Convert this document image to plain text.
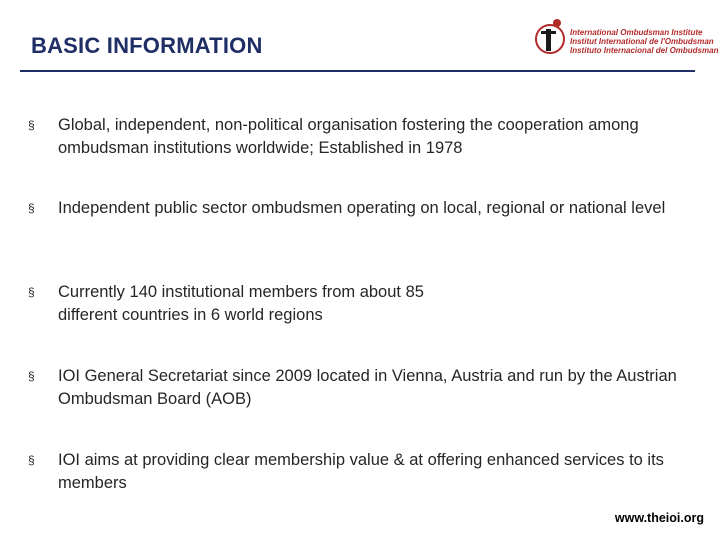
BASIC INFORMATION
International Ombudsman Institute
Institut International de l'Ombudsman
Instituto Internacional del Ombudsman
§	Global, independent, non-political organisation fostering the cooperation among ombudsman institutions worldwide; Established in 1978
§	Independent public sector ombudsmen operating on local, regional or national level
§	Currently 140 institutional members from about 85 different countries in 6 world regions
§	IOI General Secretariat since 2009 located in Vienna, Austria and run by the Austrian Ombudsman Board (AOB)
§	IOI aims at providing clear membership value & at offering enhanced services to its members
www.theioi.org
